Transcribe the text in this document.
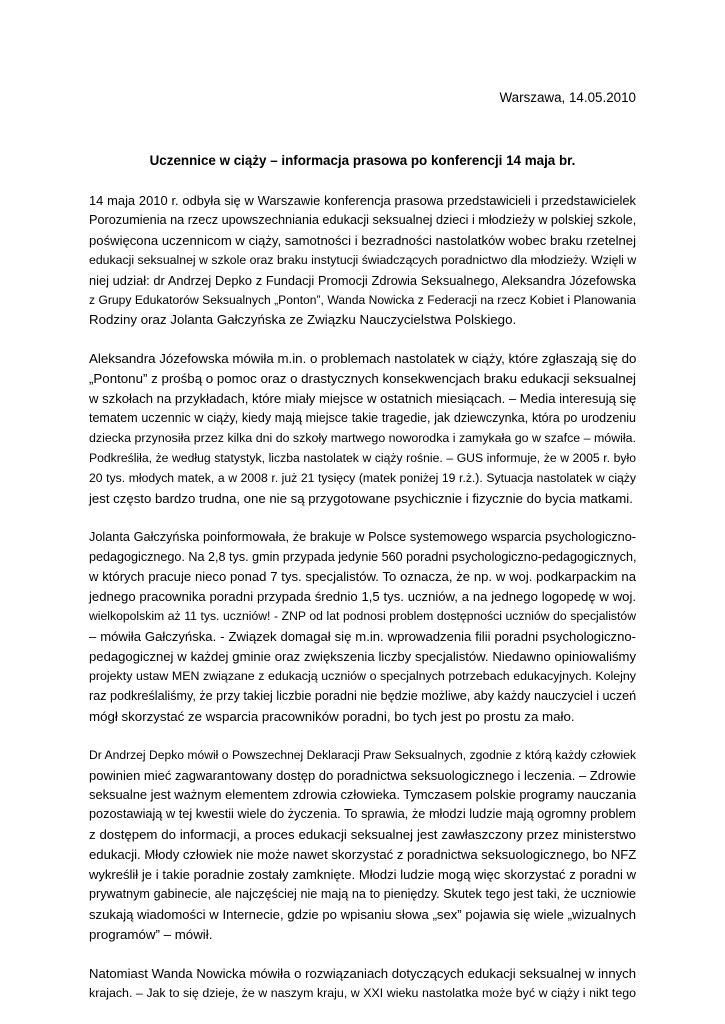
Warszawa, 14.05.2010
Uczennice w ciąży – informacja prasowa po konferencji 14 maja br.
14 maja 2010 r. odbyła się w Warszawie konferencja prasowa przedstawicieli i przedstawicielek
Porozumienia na rzecz upowszechniania edukacji seksualnej dzieci i młodzieży w polskiej szkole,
poświęcona uczennicom w ciąży, samotności i bezradności nastolatków wobec braku rzetelnej
edukacji seksualnej w szkole oraz braku instytucji świadczących poradnictwo dla młodzieży. Wzięli w
niej udział: dr Andrzej Depko z Fundacji Promocji Zdrowia Seksualnego, Aleksandra Józefowska
z Grupy Edukatorów Seksualnych „Ponton”, Wanda Nowicka z Federacji na rzecz Kobiet i Planowania
Rodziny oraz Jolanta Gałczyńska ze Związku Nauczycielstwa Polskiego.
Aleksandra Józefowska mówiła m.in. o problemach nastolatek w ciąży, które zgłaszają się do
„Pontonu” z prośbą o pomoc oraz o drastycznych konsekwencjach braku edukacji seksualnej
w szkołach na przykładach, które miały miejsce w ostatnich miesiącach. – Media interesują się
tematem uczennic w ciąży, kiedy mają miejsce takie tragedie, jak dziewczynka, która po urodzeniu
dziecka przynosiła przez kilka dni do szkoły martwego noworodka i zamykała go w szafce – mówiła.
Podkreśliła, że według statystyk, liczba nastolatek w ciąży rośnie. – GUS informuje, że w 2005 r. było
20 tys. młodych matek, a w 2008 r. już 21 tysięcy (matek poniżej 19 r.ż.). Sytuacja nastolatek w ciąży
jest często bardzo trudna, one nie są przygotowane psychicznie i fizycznie do bycia matkami.
Jolanta Gałczyńska poinformowała, że brakuje w Polsce systemowego wsparcia psychologiczno-
pedagogicznego. Na 2,8 tys. gmin przypada jedynie 560 poradni psychologiczno-pedagogicznych,
w których pracuje nieco ponad 7 tys. specjalistów. To oznacza, że np. w woj. podkarpackim na
jednego pracownika poradni przypada średnio 1,5 tys. uczniów, a na jednego logopedę w woj.
wielkopolskim aż 11 tys. uczniów! - ZNP od lat podnosi problem dostępności uczniów do specjalistów
– mówiła Gałczyńska. - Związek domagał się m.in. wprowadzenia filii poradni psychologiczno-
pedagogicznej w każdej gminie oraz zwiększenia liczby specjalistów. Niedawno opiniowaliśmy
projekty ustaw MEN związane z edukacją uczniów o specjalnych potrzebach edukacyjnych. Kolejny
raz podkreślaliśmy, że przy takiej liczbie poradni nie będzie możliwe, aby każdy nauczyciel i uczeń
mógł skorzystać ze wsparcia pracowników poradni, bo tych jest po prostu za mało.
Dr Andrzej Depko mówił o Powszechnej Deklaracji Praw Seksualnych, zgodnie z którą każdy człowiek
powinien mieć zagwarantowany dostęp do poradnictwa seksuologicznego i leczenia. – Zdrowie
seksualne jest ważnym elementem zdrowia człowieka. Tymczasem polskie programy nauczania
pozostawiają w tej kwestii wiele do życzenia. To sprawia, że młodzi ludzie mają ogromny problem
z dostępem do informacji, a proces edukacji seksualnej jest zawłaszczony przez ministerstwo
edukacji. Młody człowiek nie może nawet skorzystać z poradnictwa seksuologicznego, bo NFZ
wykreślił je i takie poradnie zostały zamknięte. Młodzi ludzie mogą więc skorzystać z poradni w
prywatnym gabinecie, ale najczęściej nie mają na to pieniędzy. Skutek tego jest taki, że uczniowie
szukają wiadomości w Internecie, gdzie po wpisaniu słowa „sex” pojawia się wiele „wizualnych
programów” – mówił.
Natomiast Wanda Nowicka mówiła o rozwiązaniach dotyczących edukacji seksualnej w innych
krajach. – Jak to się dzieje, że w naszym kraju, w XXI wieku nastolatka może być w ciąży i nikt tego
